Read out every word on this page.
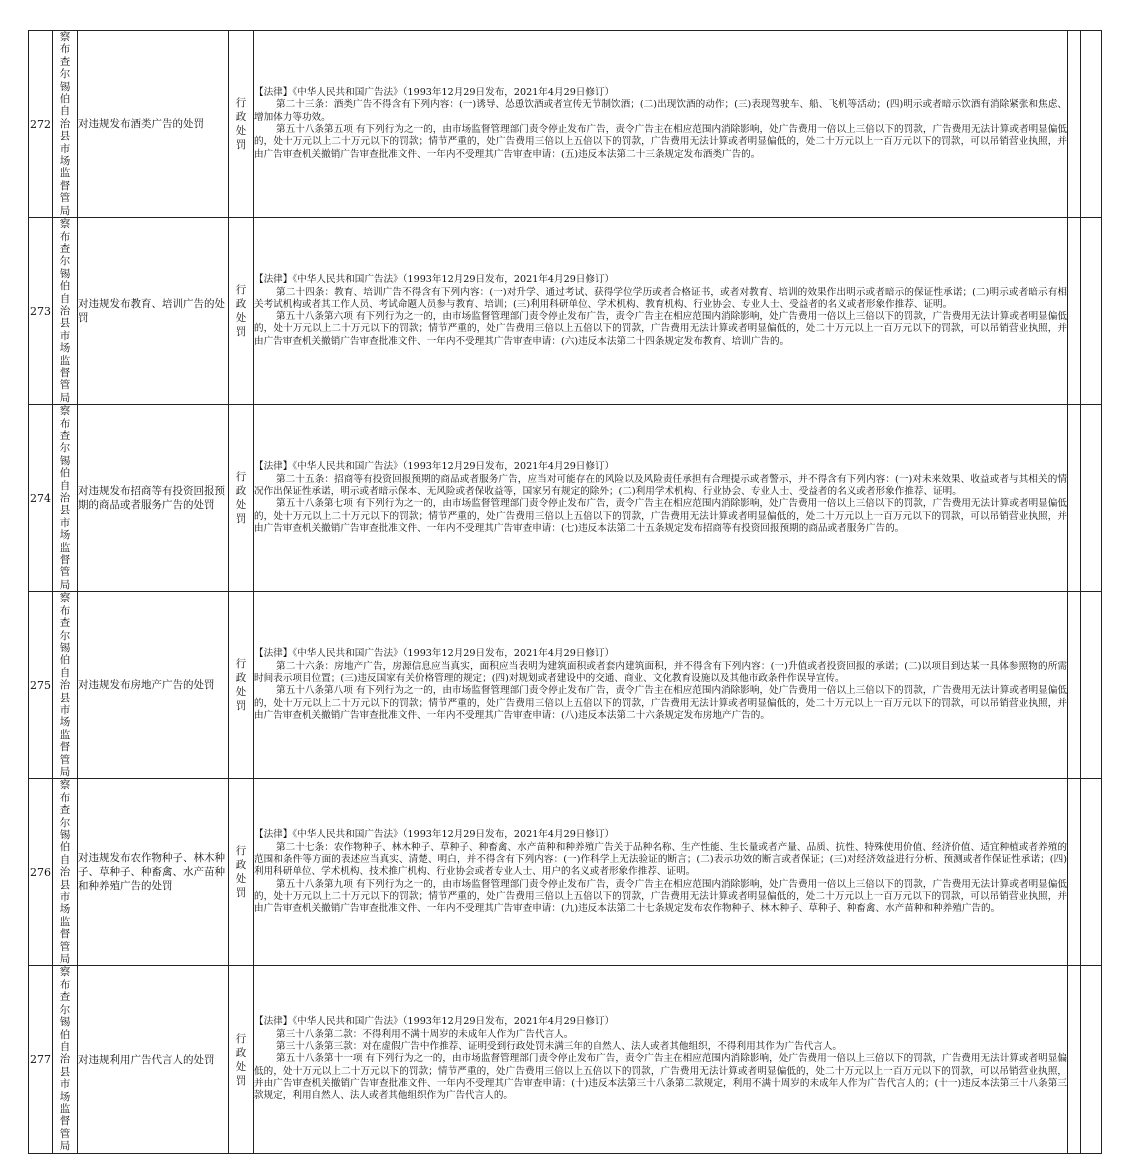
272	察布查尔锡伯自治县市场监督管局	对违规发布酒类广告的处罚	行政处罚	【法律】《中华人民共和国广告法》（1993年12月29日发布，2021年4月29日修订）

第二十三条：酒类广告不得含有下列内容：(一)诱导、怂恿饮酒或者宣传无节制饮酒；(二)出现饮酒的动作；(三)表现驾驶车、船、飞机等活动；(四)明示或者暗示饮酒有消除紧张和焦虑、增加体力等功效。

第五十八条第五项 有下列行为之一的，由市场监督管理部门责令停止发布广告，责令广告主在相应范围内消除影响，处广告费用一倍以上三倍以下的罚款，广告费用无法计算或者明显偏低的，处十万元以上二十万元以下的罚款；情节严重的，处广告费用三倍以上五倍以下的罚款，广告费用无法计算或者明显偏低的，处二十万元以上一百万元以下的罚款，可以吊销营业执照，并由广告审查机关撤销广告审查批准文件、一年内不受理其广告审查申请：(五)违反本法第二十三条规定发布酒类广告的。		

273	察布查尔锡伯自治县市场监督管局	对违规发布教育、培训广告的处罚	行政处罚	【法律】《中华人民共和国广告法》（1993年12月29日发布，2021年4月29日修订）

第二十四条：教育、培训广告不得含有下列内容：(一)对升学、通过考试、获得学位学历或者合格证书，或者对教育、培训的效果作出明示或者暗示的保证性承诺；(二)明示或者暗示有相关考试机构或者其工作人员、考试命题人员参与教育、培训；(三)利用科研单位、学术机构、教育机构、行业协会、专业人士、受益者的名义或者形象作推荐、证明。

第五十八条第六项 有下列行为之一的，由市场监督管理部门责令停止发布广告，责令广告主在相应范围内消除影响，处广告费用一倍以上三倍以下的罚款，广告费用无法计算或者明显偏低的，处十万元以上二十万元以下的罚款；情节严重的，处广告费用三倍以上五倍以下的罚款，广告费用无法计算或者明显偏低的，处二十万元以上一百万元以下的罚款，可以吊销营业执照，并由广告审查机关撤销广告审查批准文件、一年内不受理其广告审查申请：(六)违反本法第二十四条规定发布教育、培训广告的。		

274	察布查尔锡伯自治县市场监督管局	对违规发布招商等有投资回报预期的商品或者服务广告的处罚	行政处罚	【法律】《中华人民共和国广告法》（1993年12月29日发布，2021年4月29日修订）

第二十五条：招商等有投资回报预期的商品或者服务广告，应当对可能存在的风险以及风险责任承担有合理提示或者警示，并不得含有下列内容：(一)对未来效果、收益或者与其相关的情况作出保证性承诺，明示或者暗示保本、无风险或者保收益等，国家另有规定的除外；(二)利用学术机构、行业协会、专业人士、受益者的名义或者形象作推荐、证明。

第五十八条第七项 有下列行为之一的，由市场监督管理部门责令停止发布广告，责令广告主在相应范围内消除影响，处广告费用一倍以上三倍以下的罚款，广告费用无法计算或者明显偏低的，处十万元以上二十万元以下的罚款；情节严重的，处广告费用三倍以上五倍以下的罚款，广告费用无法计算或者明显偏低的，处二十万元以上一百万元以下的罚款，可以吊销营业执照，并由广告审查机关撤销广告审查批准文件、一年内不受理其广告审查申请：(七)违反本法第二十五条规定发布招商等有投资回报预期的商品或者服务广告的。		

275	察布查尔锡伯自治县市场监督管局	对违规发布房地产广告的处罚	行政处罚	【法律】《中华人民共和国广告法》（1993年12月29日发布，2021年4月29日修订）

第二十六条：房地产广告，房源信息应当真实，面积应当表明为建筑面积或者套内建筑面积，并不得含有下列内容：(一)升值或者投资回报的承诺；(二)以项目到达某一具体参照物的所需时间表示项目位置；(三)违反国家有关价格管理的规定；(四)对规划或者建设中的交通、商业、文化教育设施以及其他市政条件作误导宣传。

第五十八条第八项 有下列行为之一的，由市场监督管理部门责令停止发布广告，责令广告主在相应范围内消除影响，处广告费用一倍以上三倍以下的罚款，广告费用无法计算或者明显偏低的，处十万元以上二十万元以下的罚款；情节严重的，处广告费用三倍以上五倍以下的罚款，广告费用无法计算或者明显偏低的，处二十万元以上一百万元以下的罚款，可以吊销营业执照，并由广告审查机关撤销广告审查批准文件、一年内不受理其广告审查申请：(八)违反本法第二十六条规定发布房地产广告的。		

276	察布查尔锡伯自治县市场监督管局	对违规发布农作物种子、林木种子、草种子、种畜禽、水产苗种和种养殖广告的处罚	行政处罚	【法律】《中华人民共和国广告法》（1993年12月29日发布，2021年4月29日修订）

第二十七条：农作物种子、林木种子、草种子、种畜禽、水产苗种和种养殖广告关于品种名称、生产性能、生长量或者产量、品质、抗性、特殊使用价值、经济价值、适宜种植或者养殖的范围和条件等方面的表述应当真实、清楚、明白，并不得含有下列内容：(一)作科学上无法验证的断言；(二)表示功效的断言或者保证；(三)对经济效益进行分析、预测或者作保证性承诺；(四)利用科研单位、学术机构、技术推广机构、行业协会或者专业人士、用户的名义或者形象作推荐、证明。

第五十八条第九项 有下列行为之一的，由市场监督管理部门责令停止发布广告，责令广告主在相应范围内消除影响，处广告费用一倍以上三倍以下的罚款，广告费用无法计算或者明显偏低的，处十万元以上二十万元以下的罚款；情节严重的，处广告费用三倍以上五倍以下的罚款，广告费用无法计算或者明显偏低的，处二十万元以上一百万元以下的罚款，可以吊销营业执照，并由广告审查机关撤销广告审查批准文件、一年内不受理其广告审查申请：(九)违反本法第二十七条规定发布农作物种子、林木种子、草种子、种畜禽、水产苗种和种养殖广告的。		

277	察布查尔锡伯自治县市场监督管局	对违规利用广告代言人的处罚	行政处罚	【法律】《中华人民共和国广告法》（1993年12月29日发布，2021年4月29日修订）

第三十八条第二款：不得利用不满十周岁的未成年人作为广告代言人。

第三十八条第三款：对在虚假广告中作推荐、证明受到行政处罚未满三年的自然人、法人或者其他组织，不得利用其作为广告代言人。

第五十八条第十一项 有下列行为之一的，由市场监督管理部门责令停止发布广告，责令广告主在相应范围内消除影响，处广告费用一倍以上三倍以下的罚款，广告费用无法计算或者明显偏低的，处十万元以上二十万元以下的罚款；情节严重的，处广告费用三倍以上五倍以下的罚款，广告费用无法计算或者明显偏低的，处二十万元以上一百万元以下的罚款，可以吊销营业执照，并由广告审查机关撤销广告审查批准文件、一年内不受理其广告审查申请：(十)违反本法第三十八条第二款规定，利用不满十周岁的未成年人作为广告代言人的；(十一)违反本法第三十八条第三款规定，利用自然人、法人或者其他组织作为广告代言人的。		
